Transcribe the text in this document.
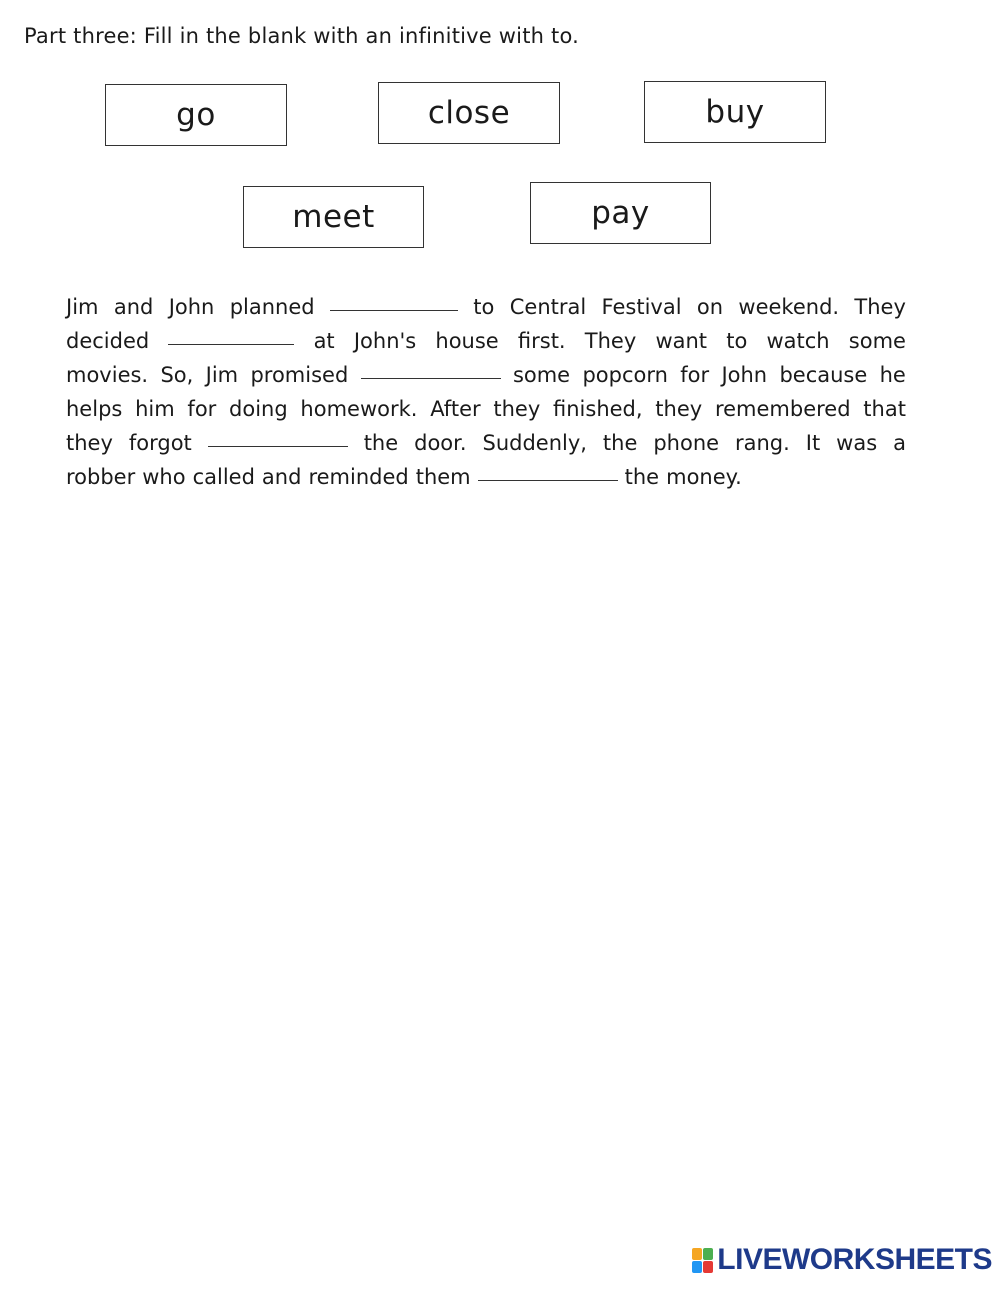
Part three: Fill in the blank with an infinitive with to.
go	close	buy
meet	pay
Jim and John planned	to Central Festival on weekend. They
decided	at John's house first. They want to watch some
movies. So, Jim promised	some popcorn for John because he
helps him for doing homework. After they finished, they remembered that
they forgot	the door. Suddenly, the phone rang. It was a
robber who called and reminded them	the money.
LIVEWORKSHEETS
